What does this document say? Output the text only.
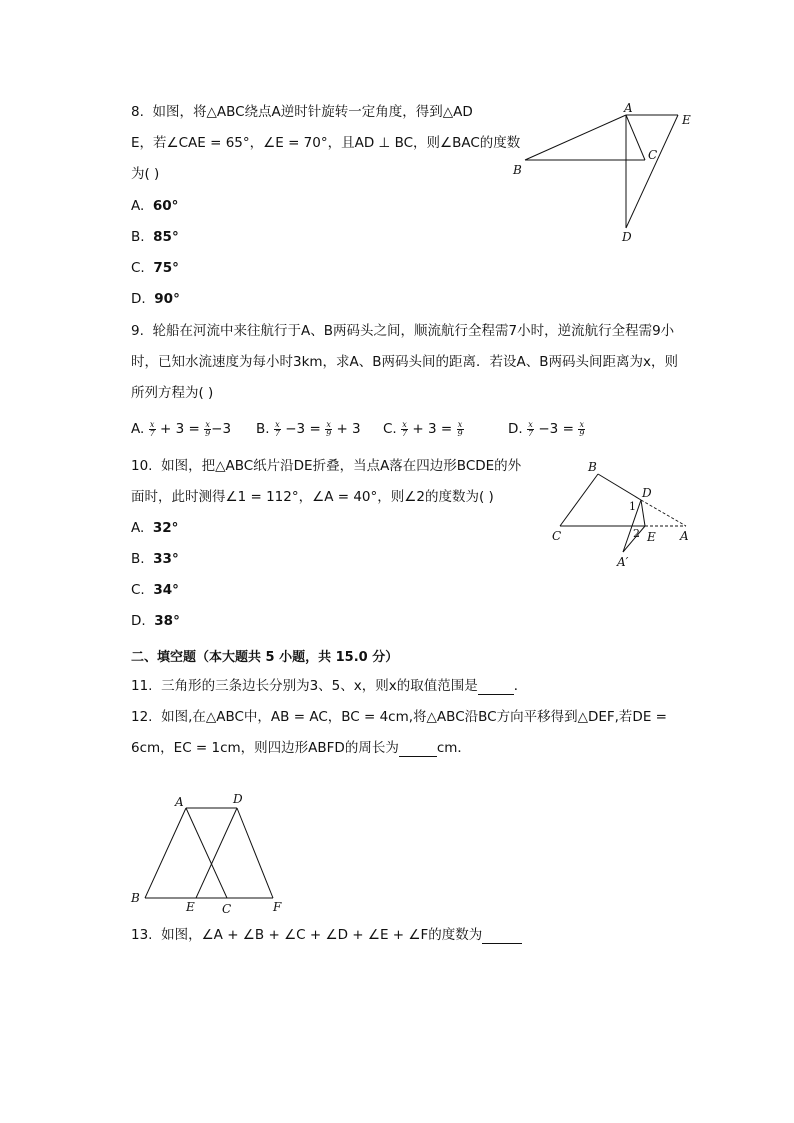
8. 如图，将△ABC绕点A逆时针旋转一定角度，得到△AD
E，若∠CAE = 65°，∠E = 70°，且AD ⊥ BC，则∠BAC的度数
为( )
A. 60°
B. 85°
C. 75°
D. 90°
A
E
C
B
D
9. 轮船在河流中来往航行于A、B两码头之间，顺流航行全程需7小时，逆流航行全程需9小
时，已知水流速度为每小时3km，求A、B两码头间的距离．若设A、B两码头间距离为x，则
所列方程为( )
A. $\frac{x}{7} + 3 = \frac{x}{9} -3$ B. $\frac{x}{7} -3 = \frac{x}{9} + 3$ C. $\frac{x}{7} + 3 = \frac{x}{9}$	D. $\frac{x}{7} -3 = \frac{x}{9}$
10. 如图，把△ABC纸片沿DE折叠，当点A落在四边形BCDE的外
面时，此时测得∠1 = 112°，∠A = 40°，则∠2的度数为( )
A. 32°
B. 33°
C. 34°
D. 38°
B
D
1
2
C	E A
A′
二、填空题（本大题共 5 小题，共 15.0 分）
11. 三角形的三条边长分别为3、5、x，则x的取值范围是	．
12. 如图,在△ABC中，AB = AC，BC = 4cm,将△ABC沿BC方向平移得到△DEF,若DE =
6cm，EC = 1cm，则四边形ABFD的周长为	cm．
A	D
B
E C	F
13. 如图，∠A + ∠B + ∠C + ∠D + ∠E + ∠F的度数为
